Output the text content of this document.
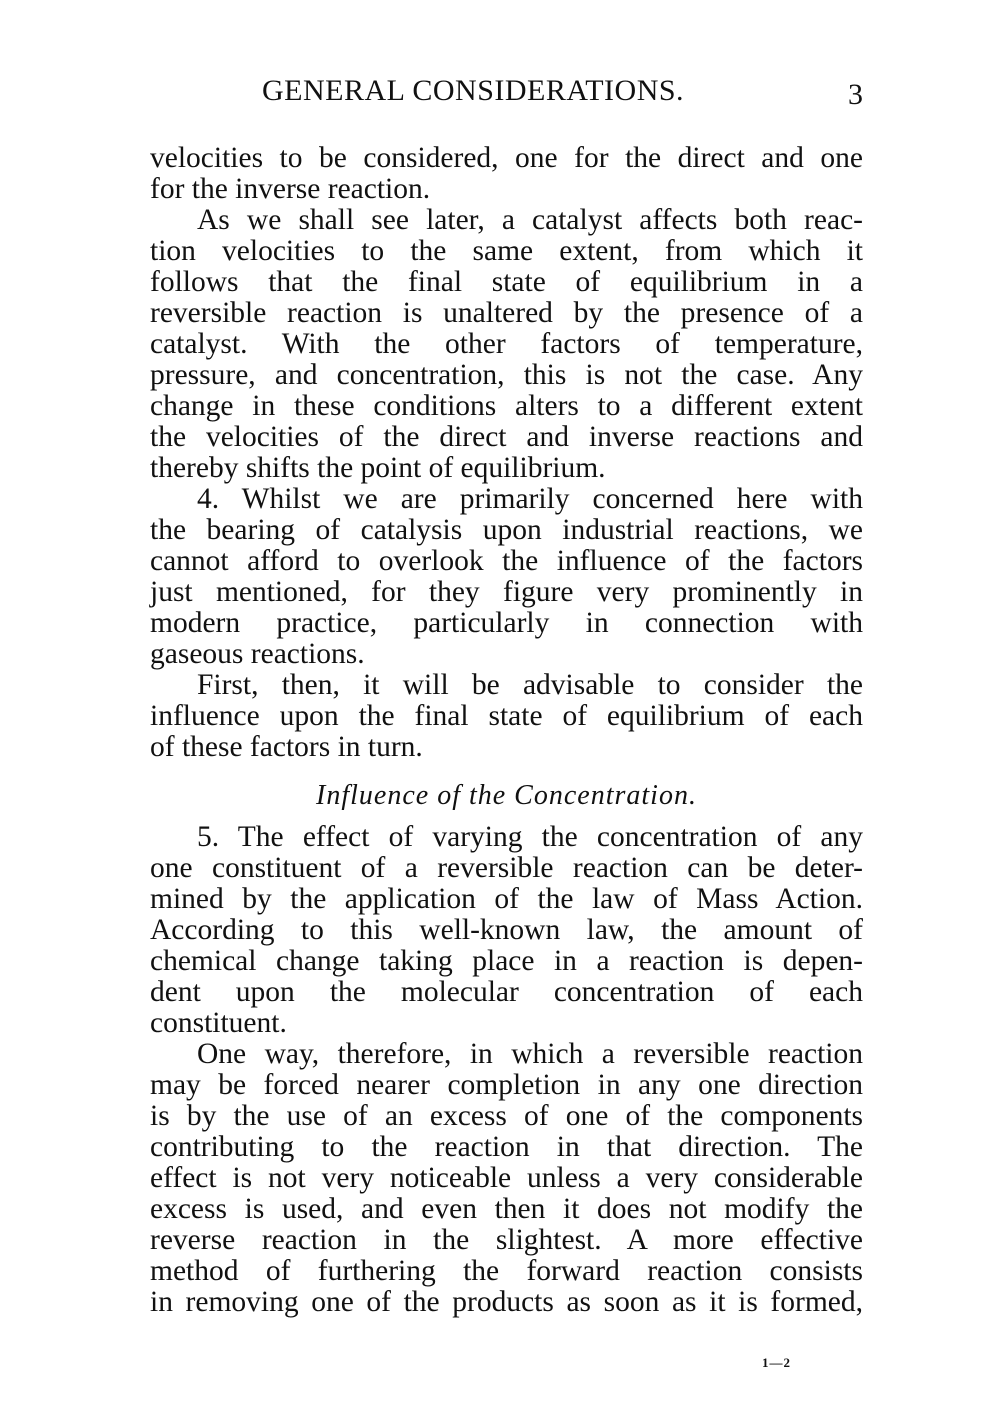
GENERAL CONSIDERATIONS.	3
velocities to be considered, one for the direct and one
for the inverse reaction.
As we shall see later, a catalyst affects both reac-
tion velocities to the same extent, from which it
follows that the final state of equilibrium in a
reversible reaction is unaltered by the presence of a
catalyst. With the other factors of temperature,
pressure, and concentration, this is not the case. Any
change in these conditions alters to a different extent
the velocities of the direct and inverse reactions and
thereby shifts the point of equilibrium.
4. Whilst we are primarily concerned here with
the bearing of catalysis upon industrial reactions, we
cannot afford to overlook the influence of the factors
just mentioned, for they figure very prominently in
modern practice, particularly in connection with
gaseous reactions.
First, then, it will be advisable to consider the
influence upon the final state of equilibrium of each
of these factors in turn.
Influence of the Concentration.
5. The effect of varying the concentration of any
one constituent of a reversible reaction can be deter-
mined by the application of the law of Mass Action.
According to this well-known law, the amount of
chemical change taking place in a reaction is depen-
dent upon the molecular concentration of each
constituent.
One way, therefore, in which a reversible reaction
may be forced nearer completion in any one direction
is by the use of an excess of one of the components
contributing to the reaction in that direction. The
effect is not very noticeable unless a very considerable
excess is used, and even then it does not modify the
reverse reaction in the slightest. A more effective
method of furthering the forward reaction consists
in removing one of the products as soon as it is formed,
1—2
